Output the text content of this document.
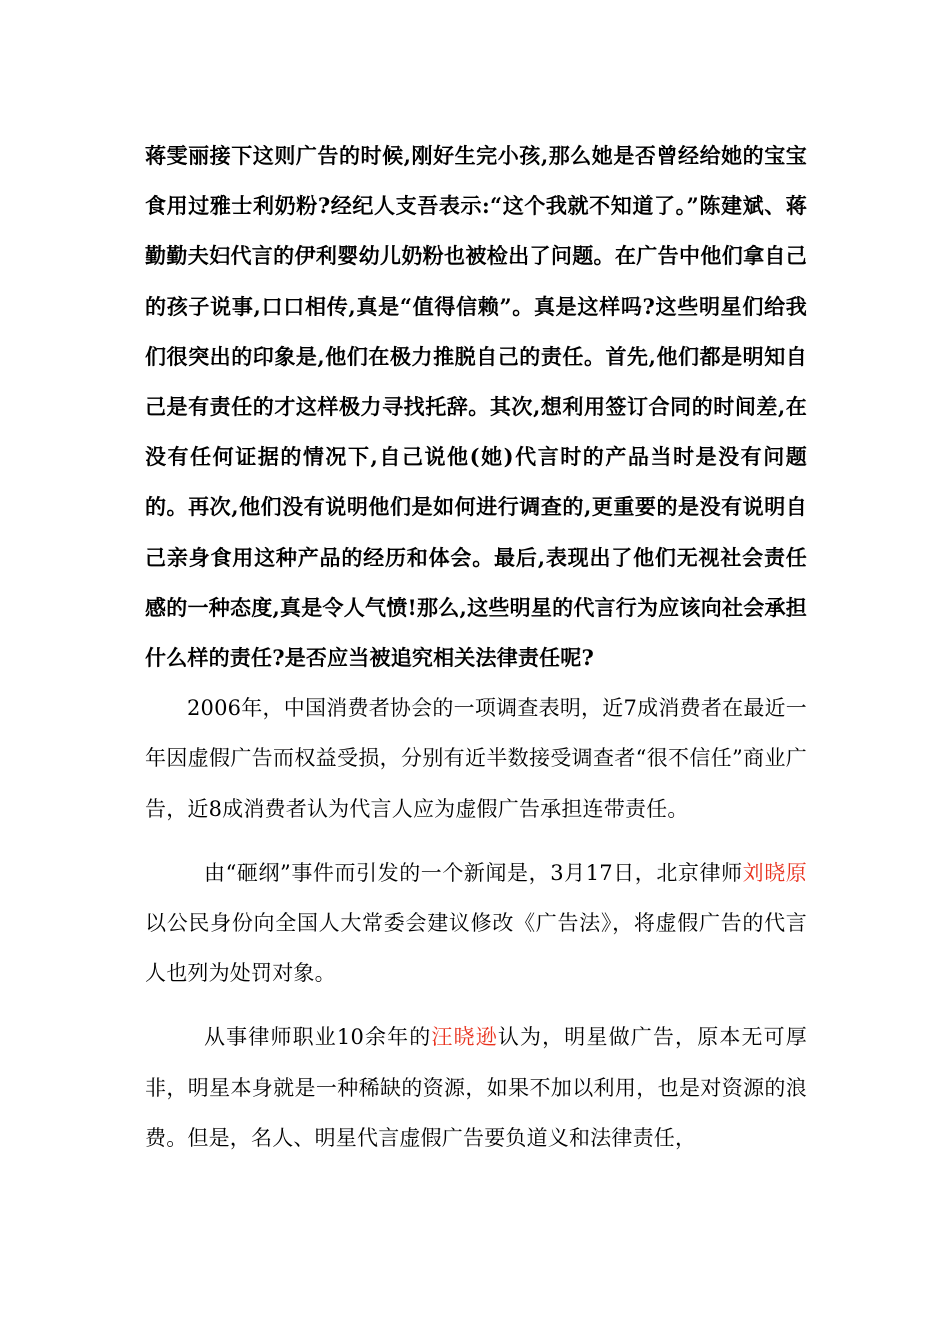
蒋雯丽接下这则广告的时候,刚好生完小孩,那么她是否曾经给她的宝宝食用过雅士利奶粉?经纪人支吾表示:“这个我就不知道了。”陈建斌、蒋勤勤夫妇代言的伊利婴幼儿奶粉也被检出了问题。在广告中他们拿自己的孩子说事,口口相传,真是“值得信赖”。真是这样吗?这些明星们给我们很突出的印象是,他们在极力推脱自己的责任。首先,他们都是明知自己是有责任的才这样极力寻找托辞。其次,想利用签订合同的时间差,在没有任何证据的情况下,自己说他(她)代言时的产品当时是没有问题的。再次,他们没有说明他们是如何进行调查的,更重要的是没有说明自己亲身食用这种产品的经历和体会。最后,表现出了他们无视社会责任感的一种态度,真是令人气愤!那么,这些明星的代言行为应该向社会承担什么样的责任?是否应当被追究相关法律责任呢?

2006年，中国消费者协会的一项调查表明，近7成消费者在最近一年因虚假广告而权益受损，分别有近半数接受调查者“很不信任”商业广告，近8成消费者认为代言人应为虚假广告承担连带责任。

由“砸纲”事件而引发的一个新闻是，3月17日，北京律师刘晓原以公民身份向全国人大常委会建议修改《广告法》，将虚假广告的代言人也列为处罚对象。

从事律师职业10余年的汪晓逊认为，明星做广告，原本无可厚非，明星本身就是一种稀缺的资源，如果不加以利用，也是对资源的浪费。但是，名人、明星代言虚假广告要负道义和法律责任，
